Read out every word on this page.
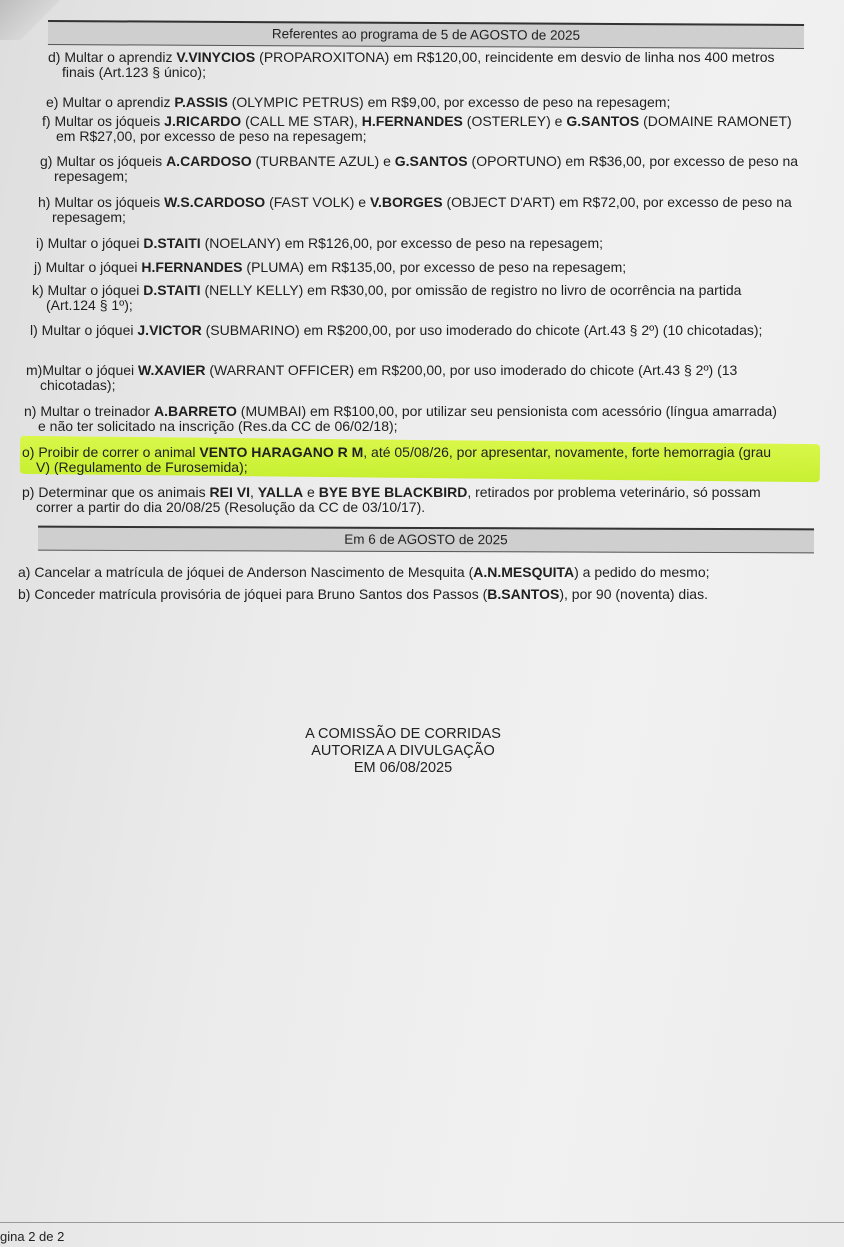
Referentes ao programa de 5 de AGOSTO de 2025
d) Multar o aprendiz V.VINYCIOS (PROPAROXITONA) em R$120,00, reincidente em desvio de linha nos 400 metros
finais (Art.123 § único);
e) Multar o aprendiz P.ASSIS (OLYMPIC PETRUS) em R$9,00, por excesso de peso na repesagem;
f) Multar os jóqueis J.RICARDO (CALL ME STAR), H.FERNANDES (OSTERLEY) e G.SANTOS (DOMAINE RAMONET)
em R$27,00, por excesso de peso na repesagem;
g) Multar os jóqueis A.CARDOSO (TURBANTE AZUL) e G.SANTOS (OPORTUNO) em R$36,00, por excesso de peso na
repesagem;
h) Multar os jóqueis W.S.CARDOSO (FAST VOLK) e V.BORGES (OBJECT D'ART) em R$72,00, por excesso de peso na
repesagem;
i) Multar o jóquei D.STAITI (NOELANY) em R$126,00, por excesso de peso na repesagem;
j) Multar o jóquei H.FERNANDES (PLUMA) em R$135,00, por excesso de peso na repesagem;
k) Multar o jóquei D.STAITI (NELLY KELLY) em R$30,00, por omissão de registro no livro de ocorrência na partida
(Art.124 § 1º);
l) Multar o jóquei J.VICTOR (SUBMARINO) em R$200,00, por uso imoderado do chicote (Art.43 § 2º) (10 chicotadas);
m)Multar o jóquei W.XAVIER (WARRANT OFFICER) em R$200,00, por uso imoderado do chicote (Art.43 § 2º) (13
chicotadas);
n) Multar o treinador A.BARRETO (MUMBAI) em R$100,00, por utilizar seu pensionista com acessório (língua amarrada)
e não ter solicitado na inscrição (Res.da CC de 06/02/18);
o) Proibir de correr o animal VENTO HARAGANO R M, até 05/08/26, por apresentar, novamente, forte hemorragia (grau
V) (Regulamento de Furosemida);
p) Determinar que os animais REI VI, YALLA e BYE BYE BLACKBIRD, retirados por problema veterinário, só possam
correr a partir do dia 20/08/25 (Resolução da CC de 03/10/17).
Em 6 de AGOSTO de 2025
a) Cancelar a matrícula de jóquei de Anderson Nascimento de Mesquita (A.N.MESQUITA) a pedido do mesmo;
b) Conceder matrícula provisória de jóquei para Bruno Santos dos Passos (B.SANTOS), por 90 (noventa) dias.
A COMISSÃO DE CORRIDAS
AUTORIZA A DIVULGAÇÃO
EM 06/08/2025
gina 2 de 2
